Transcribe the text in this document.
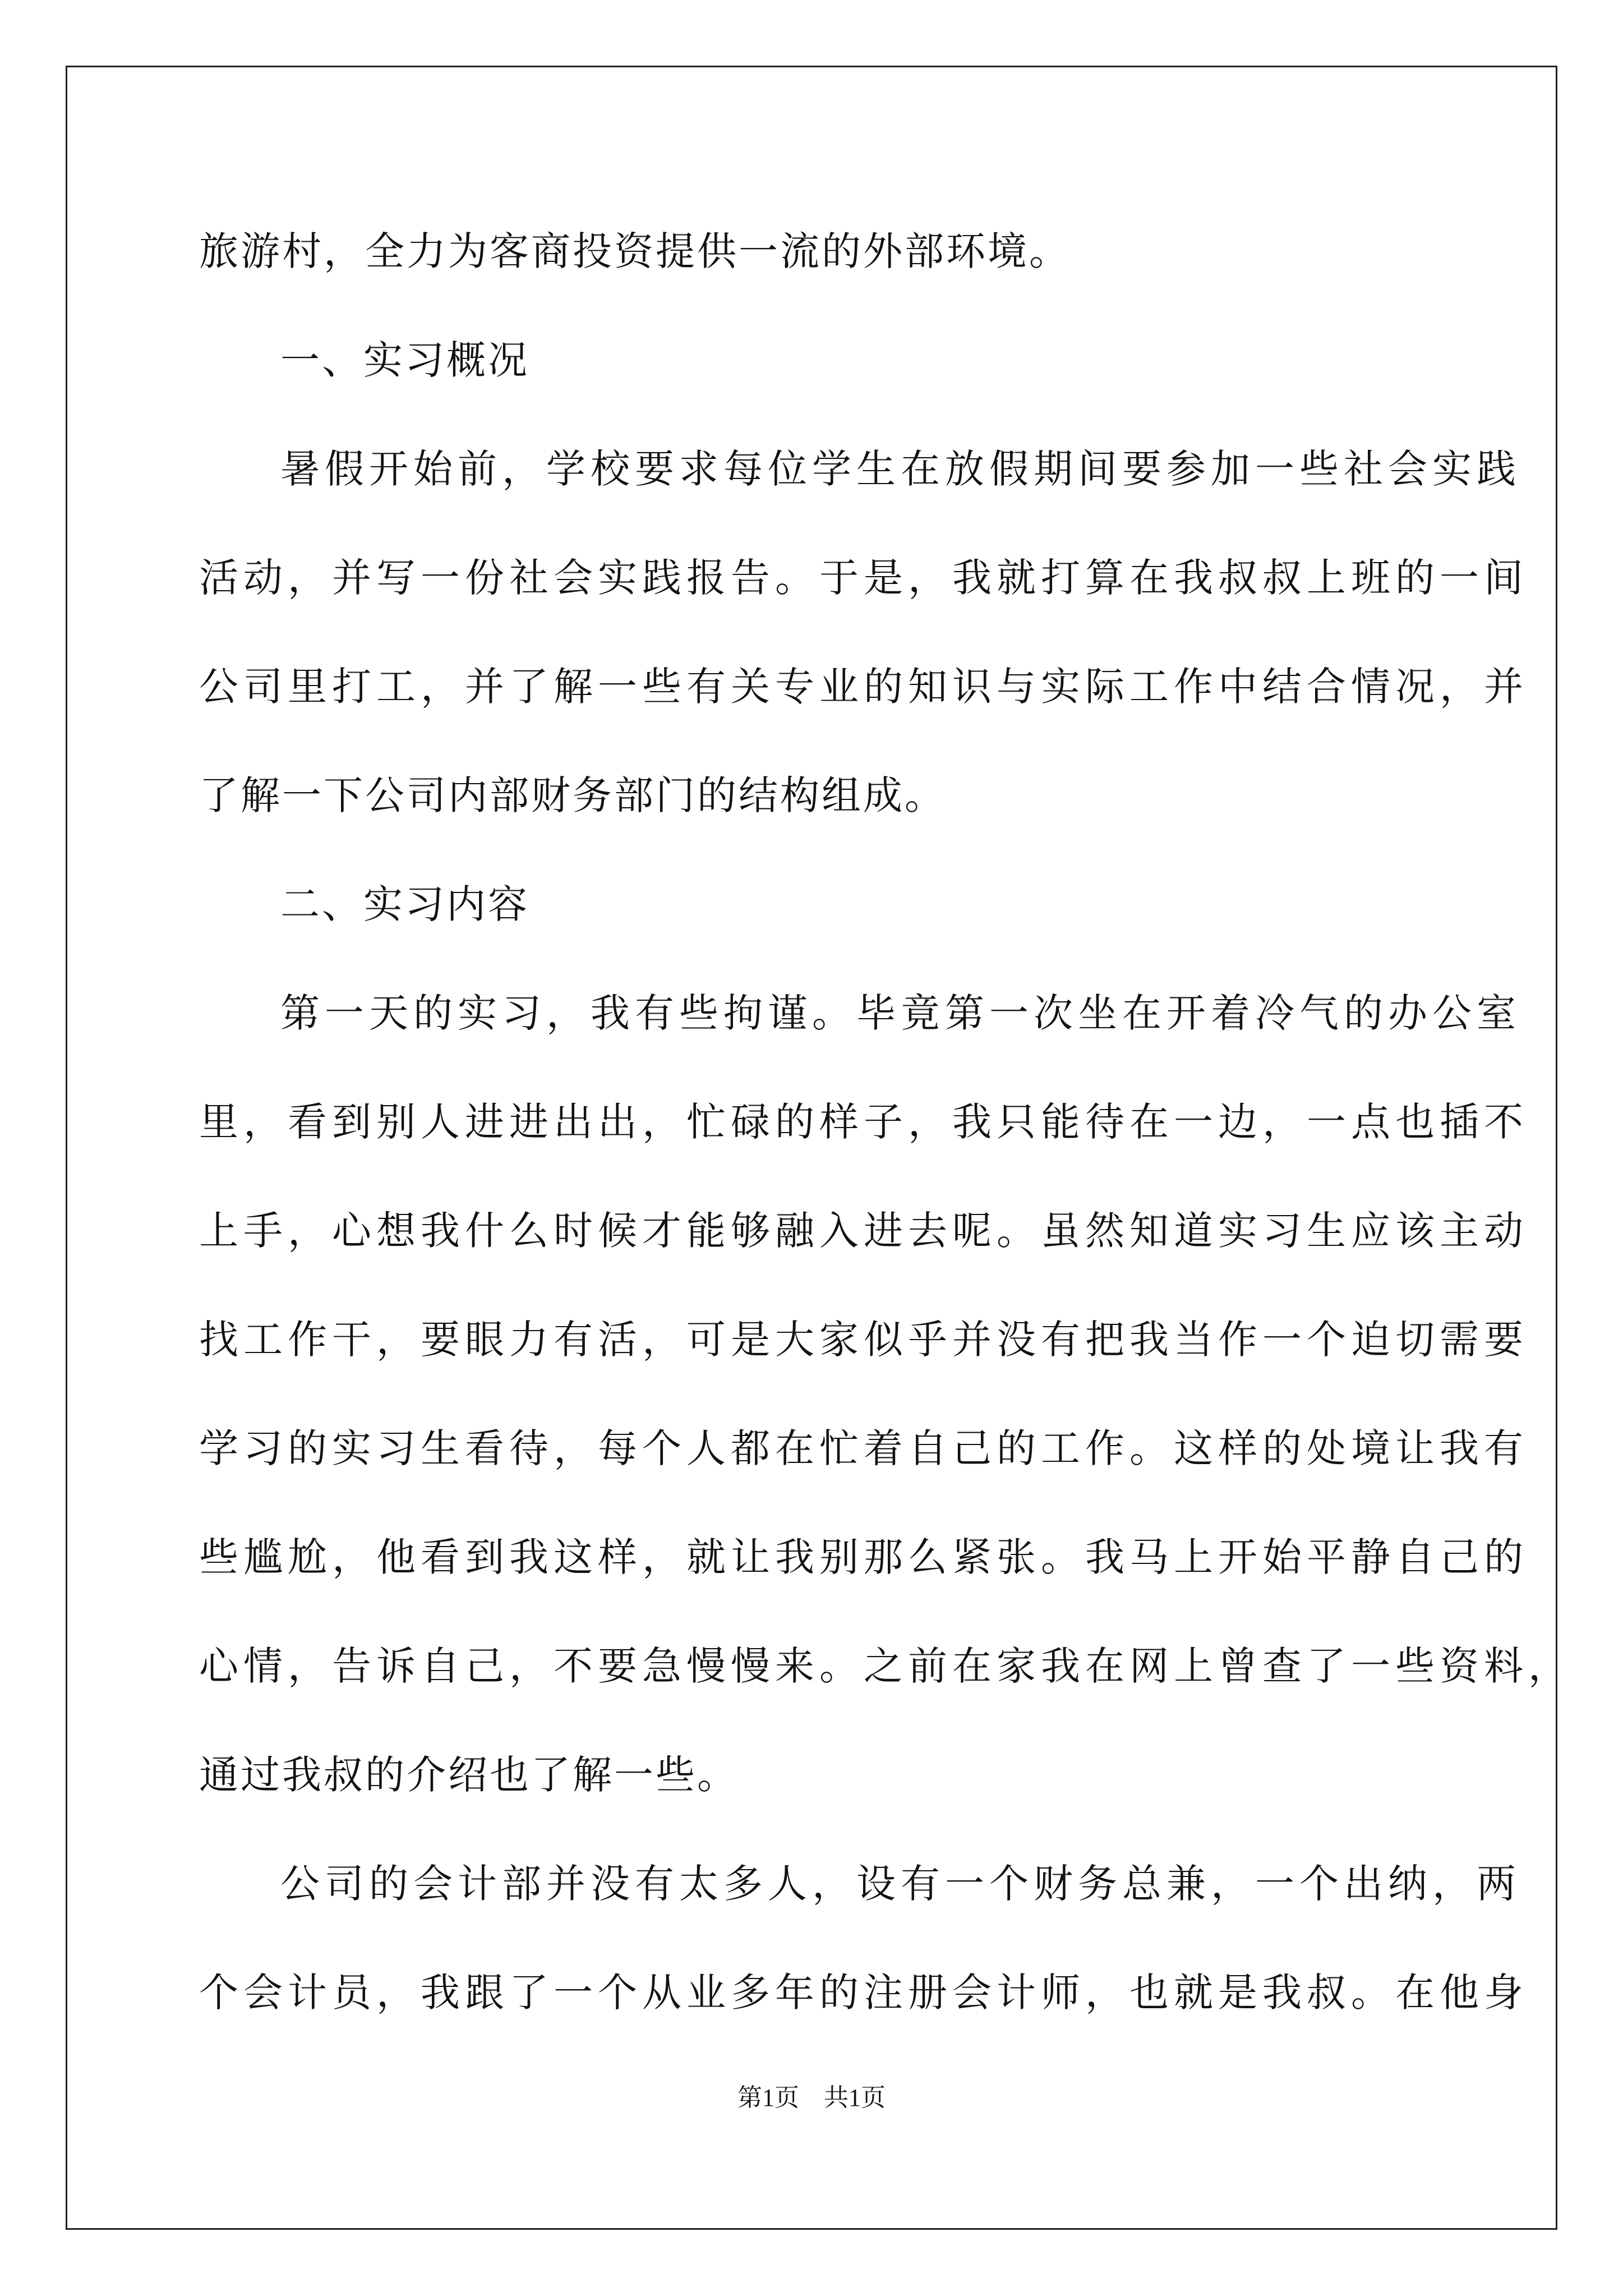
旅游村，全力为客商投资提供一流的外部环境。

一、实习概况

暑假开始前，学校要求每位学生在放假期间要参加一些社会实践

活动，并写一份社会实践报告。于是，我就打算在我叔叔上班的一间

公司里打工，并了解一些有关专业的知识与实际工作中结合情况，并

了解一下公司内部财务部门的结构组成。

二、实习内容

第一天的实习，我有些拘谨。毕竟第一次坐在开着冷气的办公室

里，看到别人进进出出，忙碌的样子，我只能待在一边，一点也插不

上手，心想我什么时候才能够融入进去呢。虽然知道实习生应该主动

找工作干，要眼力有活，可是大家似乎并没有把我当作一个迫切需要

学习的实习生看待，每个人都在忙着自己的工作。这样的处境让我有

些尴尬，他看到我这样，就让我别那么紧张。我马上开始平静自己的

心情，告诉自己，不要急慢慢来。之前在家我在网上曾查了一些资料，

通过我叔的介绍也了解一些。

公司的会计部并没有太多人，设有一个财务总兼，一个出纳，两

个会计员，我跟了一个从业多年的注册会计师，也就是我叔。在他身

第1页　共1页
